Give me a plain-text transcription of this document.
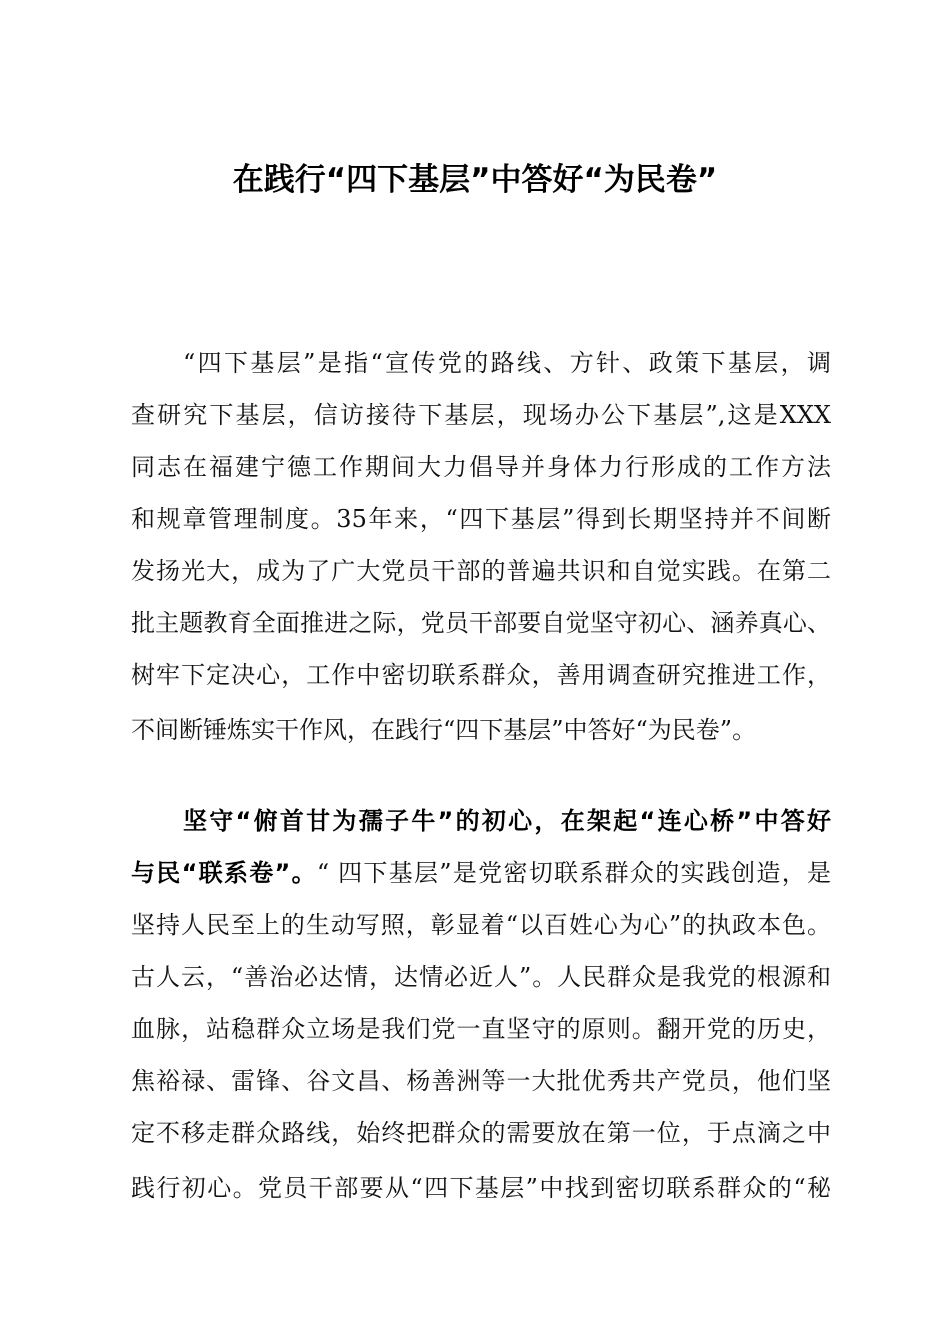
在践行“四下基层”中答好“为民卷”
“四下基层”是指“宣传党的路线、方针、政策下基层，调
查研究下基层，信访接待下基层，现场办公下基层”,这是XXX
同志在福建宁德工作期间大力倡导并身体力行形成的工作方法
和规章管理制度。35年来，“四下基层”得到长期坚持并不间断
发扬光大，成为了广大党员干部的普遍共识和自觉实践。在第二
批主题教育全面推进之际，党员干部要自觉坚守初心、涵养真心、
树牢下定决心，工作中密切联系群众，善用调查研究推进工作，
不间断锤炼实干作风，在践行“四下基层”中答好“为民卷”。
坚守“俯首甘为孺子牛”的初心，在架起“连心桥”中答好
与民“联系卷”。“ 四下基层”是党密切联系群众的实践创造，是
坚持人民至上的生动写照，彰显着“以百姓心为心”的执政本色。
古人云，“善治必达情，达情必近人”。人民群众是我党的根源和
血脉，站稳群众立场是我们党一直坚守的原则。翻开党的历史，
焦裕禄、雷锋、谷文昌、杨善洲等一大批优秀共产党员，他们坚
定不移走群众路线，始终把群众的需要放在第一位，于点滴之中
践行初心。党员干部要从“四下基层”中找到密切联系群众的“秘
